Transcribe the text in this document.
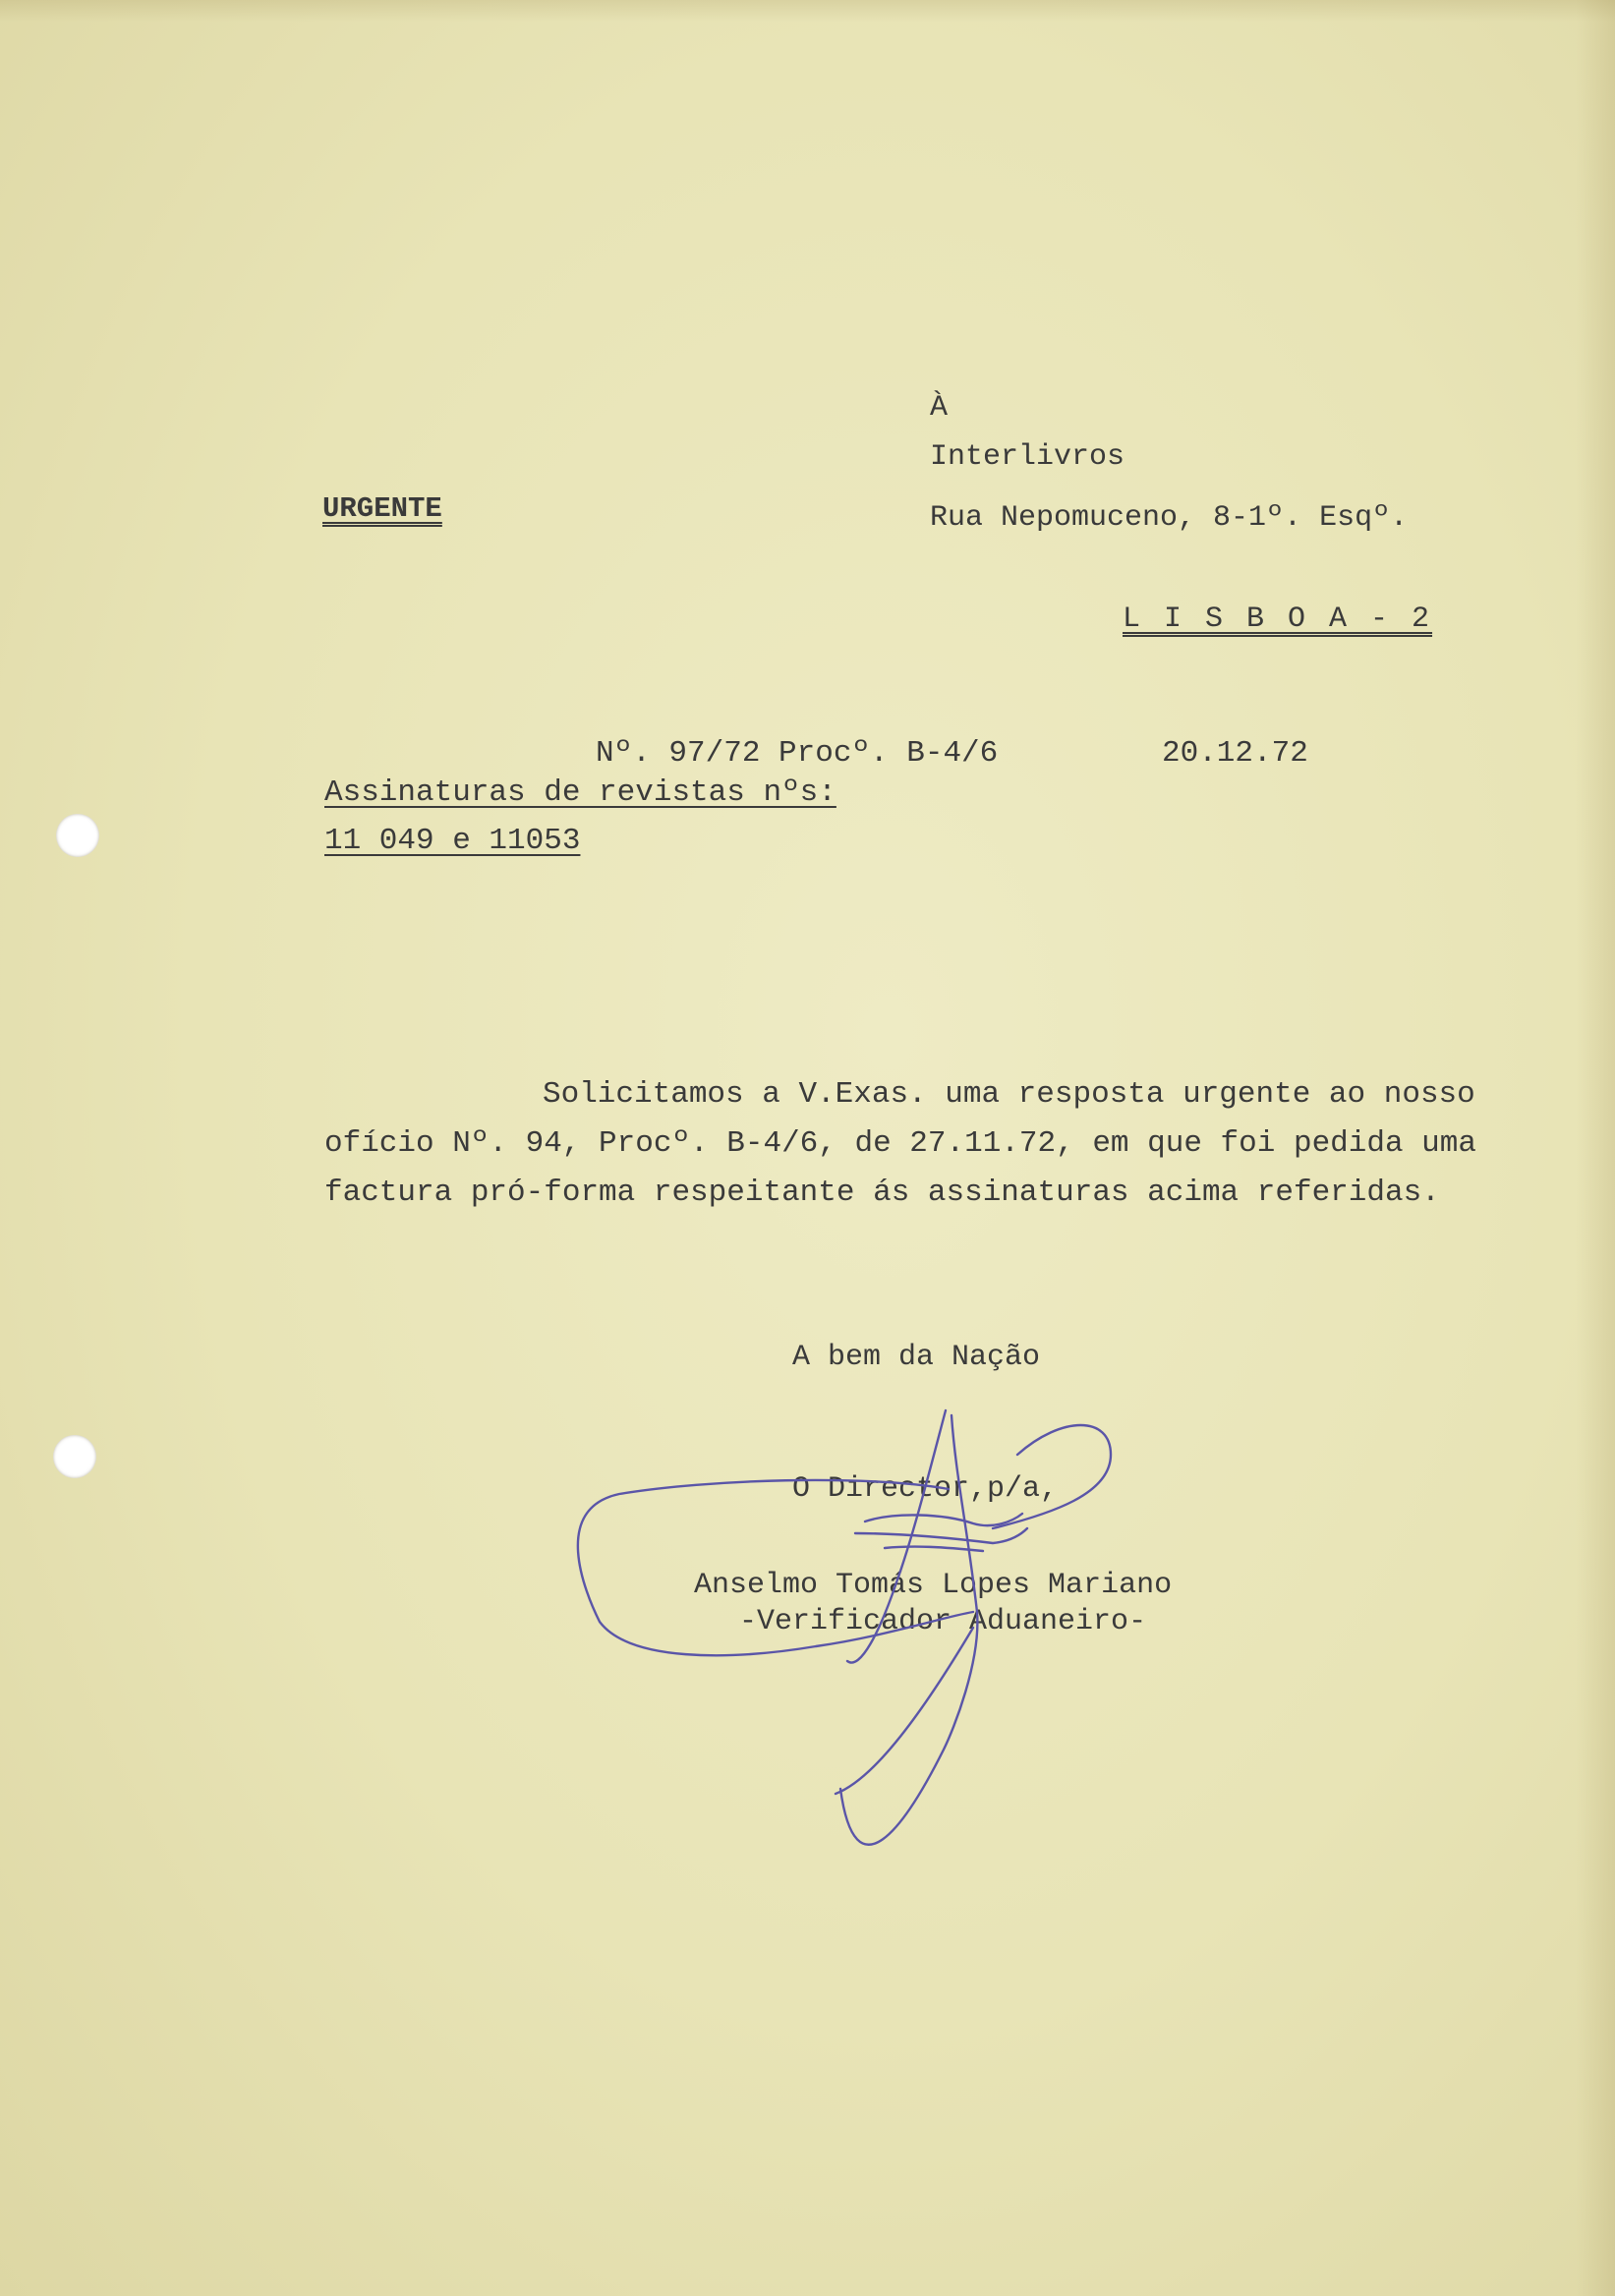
URGENTE
À
Interlivros
Rua Nepomuceno, 8-1º. Esqº.
L I S B O A - 2
Nº. 97/72 Procº. B-4/6	20.12.72
Assinaturas de revistas nºs:
11 049 e 11053
Solicitamos a V.Exas. uma resposta urgente ao nosso
ofício Nº. 94, Procº. B-4/6, de 27.11.72, em que foi pedida uma
factura pró-forma respeitante ás assinaturas acima referidas.
A bem da Nação
O Director,p/a,
Anselmo Tomás Lopes Mariano
-Verificador Aduaneiro-
